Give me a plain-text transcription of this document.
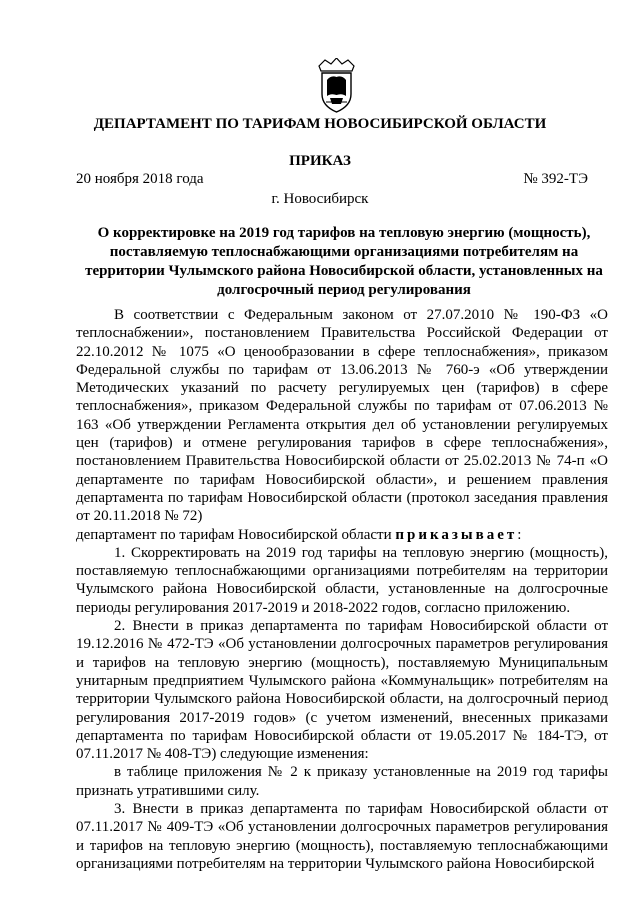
ДЕПАРТАМЕНТ ПО ТАРИФАМ НОВОСИБИРСКОЙ ОБЛАСТИ
ПРИКАЗ
20 ноября 2018 года	№ 392-ТЭ
г. Новосибирск
О корректировке на 2019 год тарифов на тепловую энергию (мощность), поставляемую теплоснабжающими организациями потребителям на территории Чулымского района Новосибирской области, установленных на долгосрочный период регулирования

В соответствии с Федеральным законом от 27.07.2010 № 190-ФЗ «О теплоснабжении», постановлением Правительства Российской Федерации от 22.10.2012 № 1075 «О ценообразовании в сфере теплоснабжения», приказом Федеральной службы по тарифам от 13.06.2013 № 760-э «Об утверждении Методических указаний по расчету регулируемых цен (тарифов) в сфере теплоснабжения», приказом Федеральной службы по тарифам от 07.06.2013 № 163 «Об утверждении Регламента открытия дел об установлении регулируемых цен (тарифов) и отмене регулирования тарифов в сфере теплоснабжения», постановлением Правительства Новосибирской области от 25.02.2013 № 74-п «О департаменте по тарифам Новосибирской области», и решением правления департамента по тарифам Новосибирской области (протокол заседания правления от 20.11.2018 № 72)

департамент по тарифам Новосибирской области приказывает:

1. Скорректировать на 2019 год тарифы на тепловую энергию (мощность), поставляемую теплоснабжающими организациями потребителям на территории Чулымского района Новосибирской области, установленные на долгосрочные периоды регулирования 2017-2019 и 2018-2022 годов, согласно приложению.

2. Внести в приказ департамента по тарифам Новосибирской области от 19.12.2016 № 472-ТЭ «Об установлении долгосрочных параметров регулирования и тарифов на тепловую энергию (мощность), поставляемую Муниципальным унитарным предприятием Чулымского района «Коммунальщик» потребителям на территории Чулымского района Новосибирской области, на долгосрочный период регулирования 2017-2019 годов» (с учетом изменений, внесенных приказами департамента по тарифам Новосибирской области от 19.05.2017 № 184-ТЭ, от 07.11.2017 № 408-ТЭ) следующие изменения:

в таблице приложения № 2 к приказу установленные на 2019 год тарифы признать утратившими силу.

3. Внести в приказ департамента по тарифам Новосибирской области от 07.11.2017 № 409-ТЭ «Об установлении долгосрочных параметров регулирования и тарифов на тепловую энергию (мощность), поставляемую теплоснабжающими организациями потребителям на территории Чулымского района Новосибирской
